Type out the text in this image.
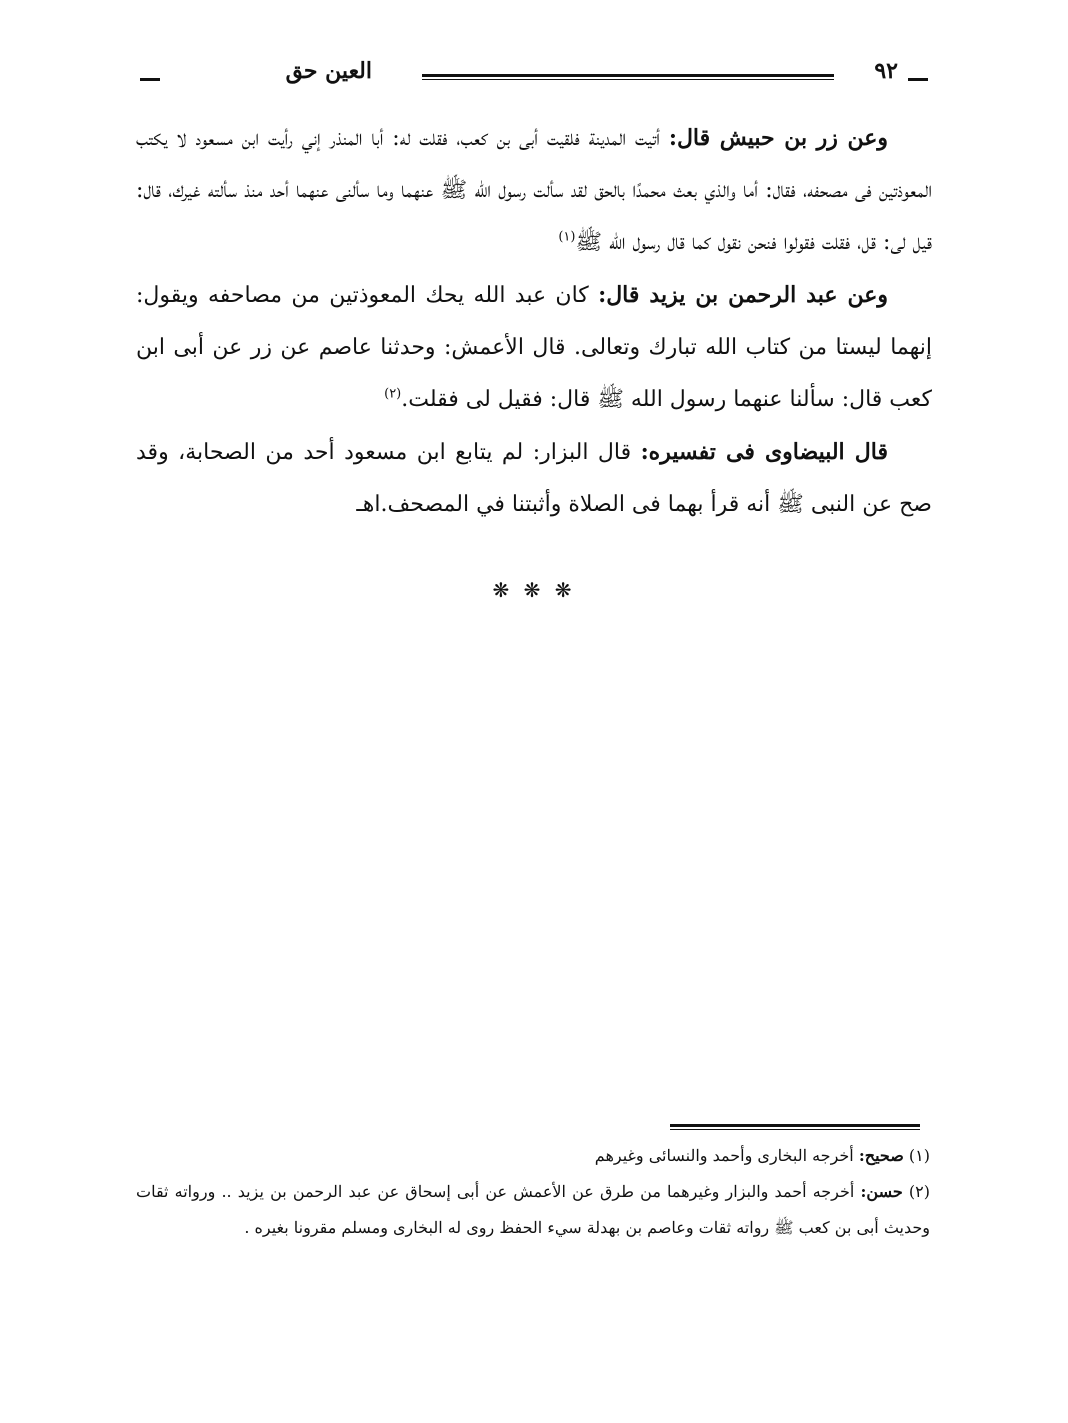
٩٢
العين حق

وعن زر بن حبيش قال: أتيت المدينة فلقيت أبى بن كعب، فقلت له: أبا المنذر إني رأيت ابن مسعود لا يكتب المعوذتين فى مصحفه، فقال: أما والذي بعث محمدًا بالحق لقد سألت رسول الله ﷺ عنهما وما سألنى عنهما أحد منذ سألته غيرك، قال: قيل لى: قل، فقلت فقولوا فنحن نقول كما قال رسول الله ﷺ$^{(١)}$

وعن عبد الرحمن بن يزيد قال: كان عبد الله يحك المعوذتين من مصاحفه ويقول: إنهما ليستا من كتاب الله تبارك وتعالى. قال الأعمش: وحدثنا عاصم عن زر عن أبى ابن كعب قال: سألنا عنهما رسول الله ﷺ قال: فقيل لى فقلت.$^{(٢)}$

قال البيضاوى فى تفسيره: قال البزار: لم يتابع ابن مسعود أحد من الصحابة، وقد صح عن النبى ﷺ أنه قرأ بهما فى الصلاة وأثبتنا في المصحف.اهـ

❋ ❋ ❋

(١) صحيح: أخرجه البخارى وأحمد والنسائى وغيرهم

(٢) حسن: أخرجه أحمد والبزار وغيرهما من طرق عن الأعمش عن أبى إسحاق عن عبد الرحمن بن يزيد .. ورواته ثقات وحديث أبى بن كعب ﷺ رواته ثقات وعاصم بن بهدلة سيء الحفظ روى له البخارى ومسلم مقرونا بغيره .
